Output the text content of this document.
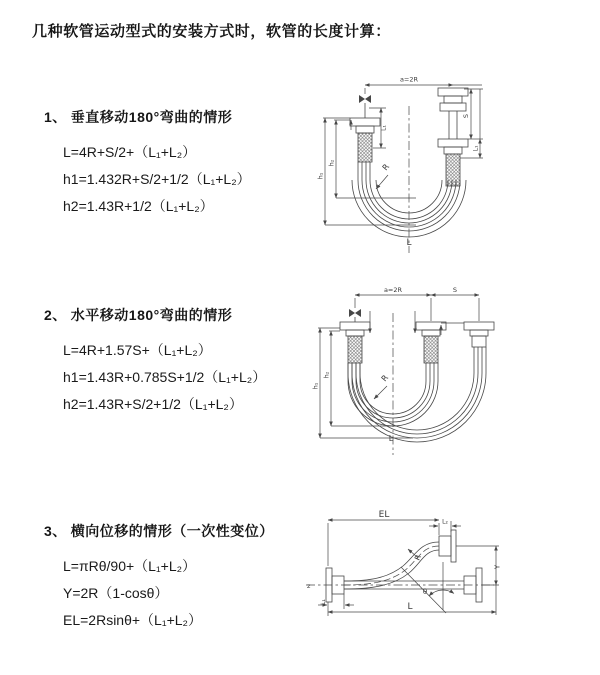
几种软管运动型式的安装方式时，软管的长度计算：
1、 垂直移动180°弯曲的情形
L=4R+S/2+（L₁+L₂）
h1=1.432R+S/2+1/2（L₁+L₂）
h2=1.43R+1/2（L₁+L₂）
2、 水平移动180°弯曲的情形
L=4R+1.57S+（L₁+L₂）
h1=1.43R+0.785S+1/2（L₁+L₂）
h2=1.43R+S/2+1/2（L₁+L₂）
3、 横向位移的情形（一次性变位）
L=πRθ/90+（L₁+L₂）
Y=2R（1-cosθ）
EL=2Rsinθ+（L₁+L₂）
a=2R
R
L
h₁
h₂
L₁
S
L₁
a=2R	S
R
L
h₁
h₂
EL
L₂
z
θ
R
Y
L
L₁
